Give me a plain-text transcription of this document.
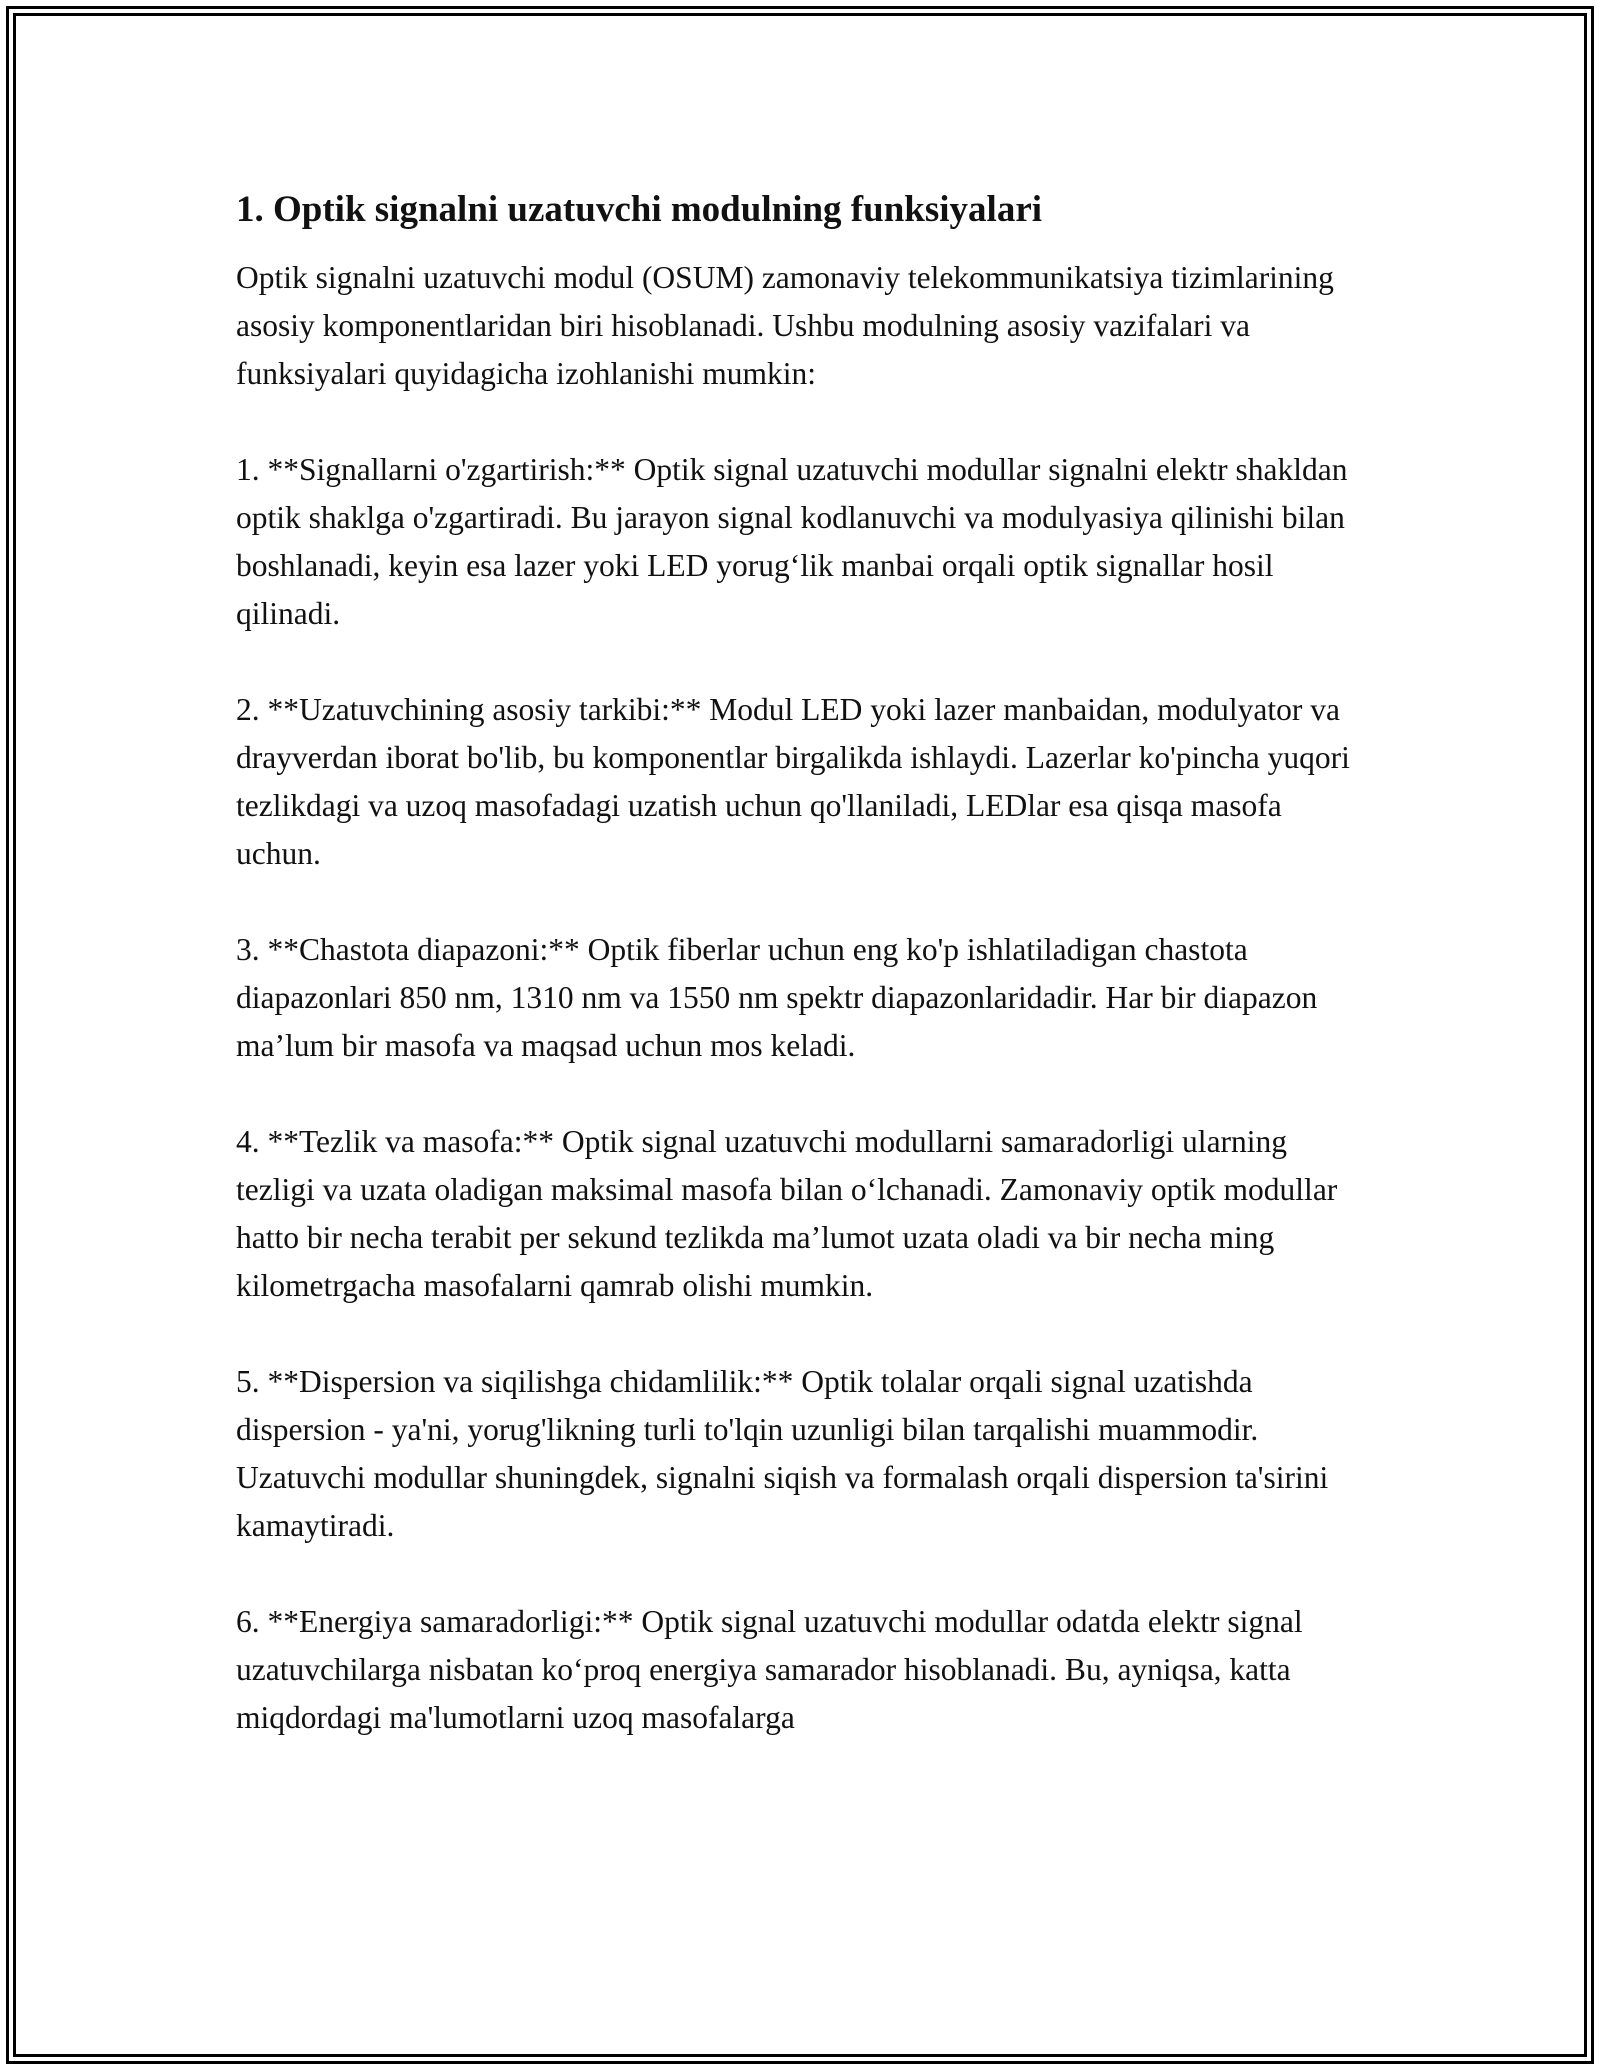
1. Optik signalni uzatuvchi modulning funksiyalari

Optik signalni uzatuvchi modul (OSUM) zamonaviy telekommunikatsiya tizimlarining asosiy komponentlaridan biri hisoblanadi. Ushbu modulning asosiy vazifalari va funksiyalari quyidagicha izohlanishi mumkin:

1. **Signallarni o'zgartirish:** Optik signal uzatuvchi modullar signalni elektr shakldan optik shaklga o'zgartiradi. Bu jarayon signal kodlanuvchi va modulyasiya qilinishi bilan boshlanadi, keyin esa lazer yoki LED yorug‘lik manbai orqali optik signallar hosil qilinadi.

2. **Uzatuvchining asosiy tarkibi:** Modul LED yoki lazer manbaidan, modulyator va drayverdan iborat bo'lib, bu komponentlar birgalikda ishlaydi. Lazerlar ko'pincha yuqori tezlikdagi va uzoq masofadagi uzatish uchun qo'llaniladi, LEDlar esa qisqa masofa uchun.

3. **Chastota diapazoni:** Optik fiberlar uchun eng ko'p ishlatiladigan chastota diapazonlari 850 nm, 1310 nm va 1550 nm spektr diapazonlaridadir. Har bir diapazon ma’lum bir masofa va maqsad uchun mos keladi.

4. **Tezlik va masofa:** Optik signal uzatuvchi modullarni samaradorligi ularning tezligi va uzata oladigan maksimal masofa bilan o‘lchanadi. Zamonaviy optik modullar hatto bir necha terabit per sekund tezlikda ma’lumot uzata oladi va bir necha ming kilometrgacha masofalarni qamrab olishi mumkin.

5. **Dispersion va siqilishga chidamlilik:** Optik tolalar orqali signal uzatishda dispersion - ya'ni, yorug'likning turli to'lqin uzunligi bilan tarqalishi muammodir. Uzatuvchi modullar shuningdek, signalni siqish va formalash orqali dispersion ta'sirini kamaytiradi.

6. **Energiya samaradorligi:** Optik signal uzatuvchi modullar odatda elektr signal uzatuvchilarga nisbatan ko‘proq energiya samarador hisoblanadi. Bu, ayniqsa, katta miqdordagi ma'lumotlarni uzoq masofalarga
